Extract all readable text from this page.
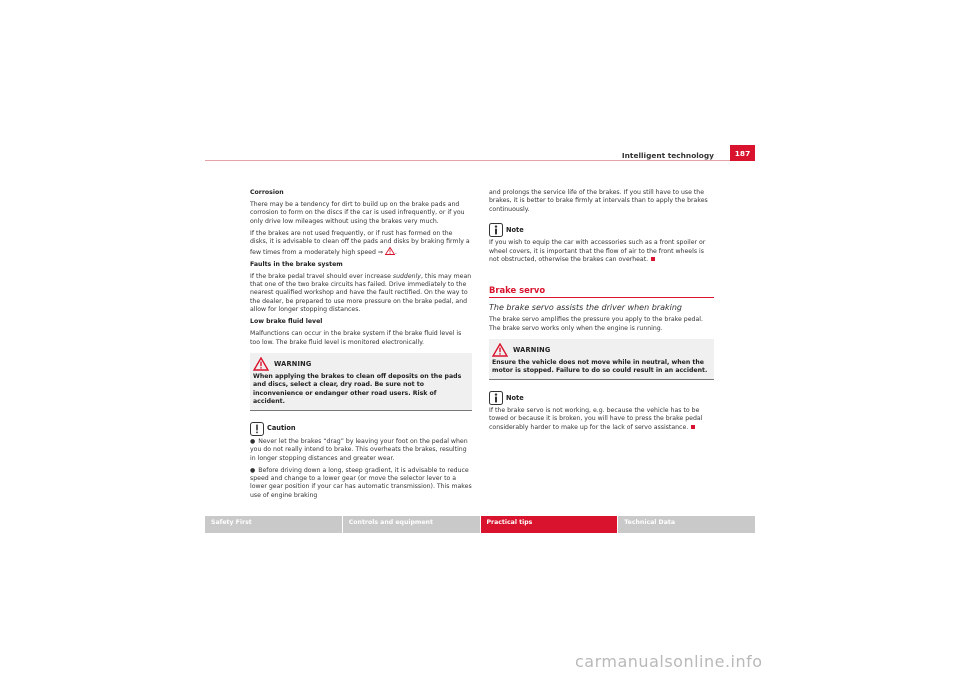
Intelligent technology	187

Corrosion

There may be a tendency for dirt to build up on the brake pads and corrosion to form on the discs if the car is used infrequently, or if you only drive low mileages without using the brakes very much.

If the brakes are not used frequently, or if rust has formed on the disks, it is advisable to clean off the pads and disks by braking firmly a few times from a moderately high speed ⇒ .

Faults in the brake system

If the brake pedal travel should ever increase suddenly, this may mean that one of the two brake circuits has failed. Drive immediately to the nearest qualified workshop and have the fault rectified. On the way to the dealer, be prepared to use more pressure on the brake pedal, and allow for longer stopping distances.

Low brake fluid level

Malfunctions can occur in the brake system if the brake fluid level is too low. The brake fluid level is monitored electronically.

WARNING
When applying the brakes to clean off deposits on the pads and discs, select a clear, dry road. Be sure not to inconvenience or endanger other road users. Risk of accident.
Caution

● Never let the brakes “drag” by leaving your foot on the pedal when you do not really intend to brake. This overheats the brakes, resulting in longer stopping distances and greater wear.

● Before driving down a long, steep gradient, it is advisable to reduce speed and change to a lower gear (or move the selector lever to a lower gear position if your car has automatic transmission). This makes use of engine braking

and prolongs the service life of the brakes. If you still have to use the brakes, it is better to brake firmly at intervals than to apply the brakes continuously.

Note

If you wish to equip the car with accessories such as a front spoiler or wheel covers, it is important that the flow of air to the front wheels is not obstructed, otherwise the brakes can overheat.

Brake servo
The brake servo assists the driver when braking

The brake servo amplifies the pressure you apply to the brake pedal. The brake servo works only when the engine is running.

WARNING
Ensure the vehicle does not move while in neutral, when the motor is stopped. Failure to do so could result in an accident.
Note

If the brake servo is not working, e.g. because the vehicle has to be towed or because it is broken, you will have to press the brake pedal considerably harder to make up for the lack of servo assistance.

Safety First	Controls and equipment	Practical tips	Technical Data
carmanualsonline.info
